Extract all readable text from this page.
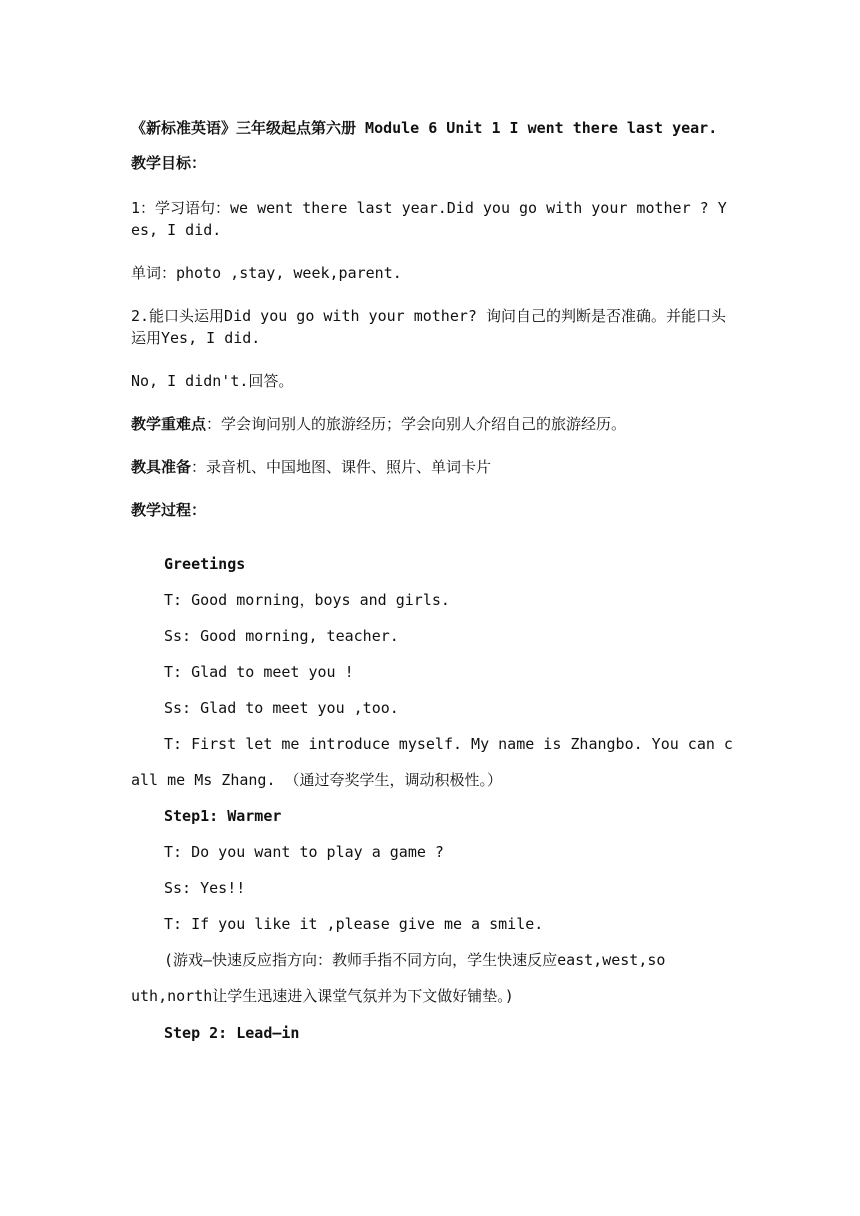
《新标准英语》三年级起点第六册 Module 6 Unit 1 I went there last year.
教学目标：
1：学习语句：we went there last year.Did you go with your mother ? Yes, I did.
单词：photo ,stay, week,parent.
2.能口头运用Did you go with your mother? 询问自己的判断是否准确。并能口头运用Yes, I did.
No, I didn't.回答。
教学重难点：学会询问别人的旅游经历；学会向别人介绍自己的旅游经历。
教具准备：录音机、中国地图、课件、照片、单词卡片
教学过程：
Greetings
T: Good morning，boys and girls.
Ss: Good morning, teacher.
T: Glad to meet you !
Ss: Glad to meet you ,too.
T: First let me introduce myself. My name is Zhangbo. You can c
all me Ms Zhang. （通过夸奖学生，调动积极性。）
Step1: Warmer
T: Do you want to play a game ?
Ss: Yes!!
T: If you like it ,please give me a smile.
(游戏—快速反应指方向：教师手指不同方向，学生快速反应east,west,so
uth,north让学生迅速进入课堂气氛并为下文做好铺垫。)
Step 2: Lead—in
